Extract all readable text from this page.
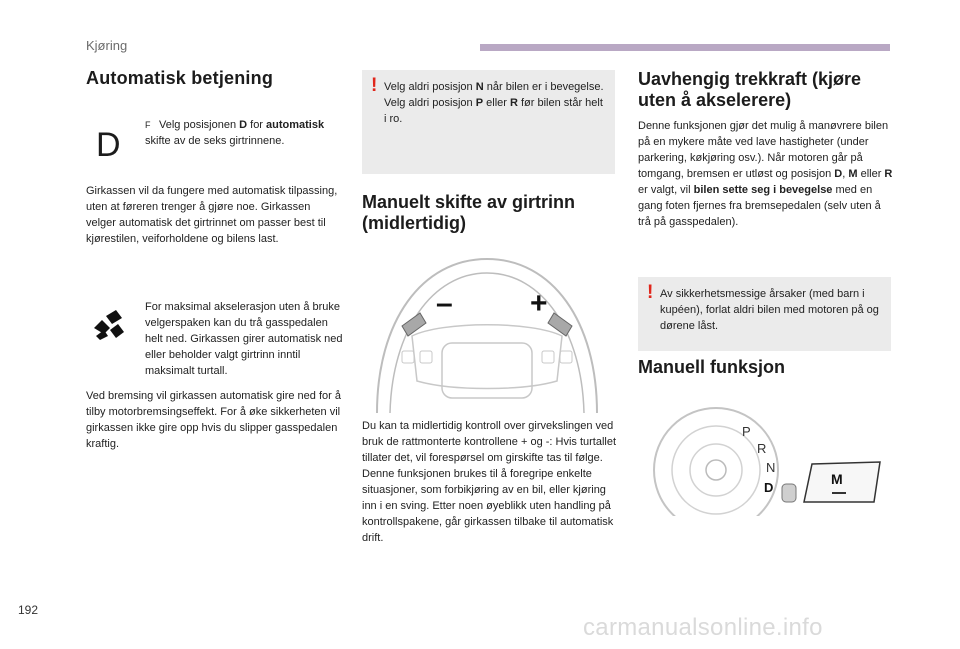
Kjøring
Automatisk betjening
D
F Velg posisjonen D for automatisk skifte av de seks girtrinnene.
Girkassen vil da fungere med automatisk tilpassing, uten at føreren trenger å gjøre noe. Girkassen velger automatisk det girtrinnet om passer best til kjørestilen, veiforholdene og bilens last.
For maksimal akselerasjon uten å bruke velgerspaken kan du trå gasspedalen helt ned. Girkassen girer automatisk ned eller beholder valgt girtrinn inntil maksimalt turtall.
Ved bremsing vil girkassen automatisk gire ned for å tilby motorbremsingseffekt. For å øke sikkerheten vil girkassen ikke gire opp hvis du slipper gasspedalen kraftig.
! Velg aldri posisjon N når bilen er i bevegelse.
Velg aldri posisjon P eller R før bilen står helt i ro.
Manuelt skifte av girtrinn (midlertidig)
–	+
Du kan ta midlertidig kontroll over girvekslingen ved bruk de rattmonterte kontrollene + og -: Hvis turtallet tillater det, vil forespørsel om girskifte tas til følge. Denne funksjonen brukes til å foregripe enkelte situasjoner, som forbikjøring av en bil, eller kjøring inn i en sving. Etter noen øyeblikk uten handling på kontrollspakene, går girkassen tilbake til automatisk drift.
Uavhengig trekkraft (kjøre uten å akselerere)
Denne funksjonen gjør det mulig å manøvrere bilen på en mykere måte ved lave hastigheter (under parkering, køkjøring osv.). Når motoren går på tomgang, bremsen er utløst og posisjon D, M eller R er valgt, vil bilen sette seg i bevegelse med en gang foten fjernes fra bremsepedalen (selv uten å trå på gasspedalen).
! Av sikkerhetsmessige årsaker (med barn i kupéen), forlat aldri bilen med motoren på og dørene låst.
Manuell funksjon
P
R
N
D
M
192
carmanualsonline.info
